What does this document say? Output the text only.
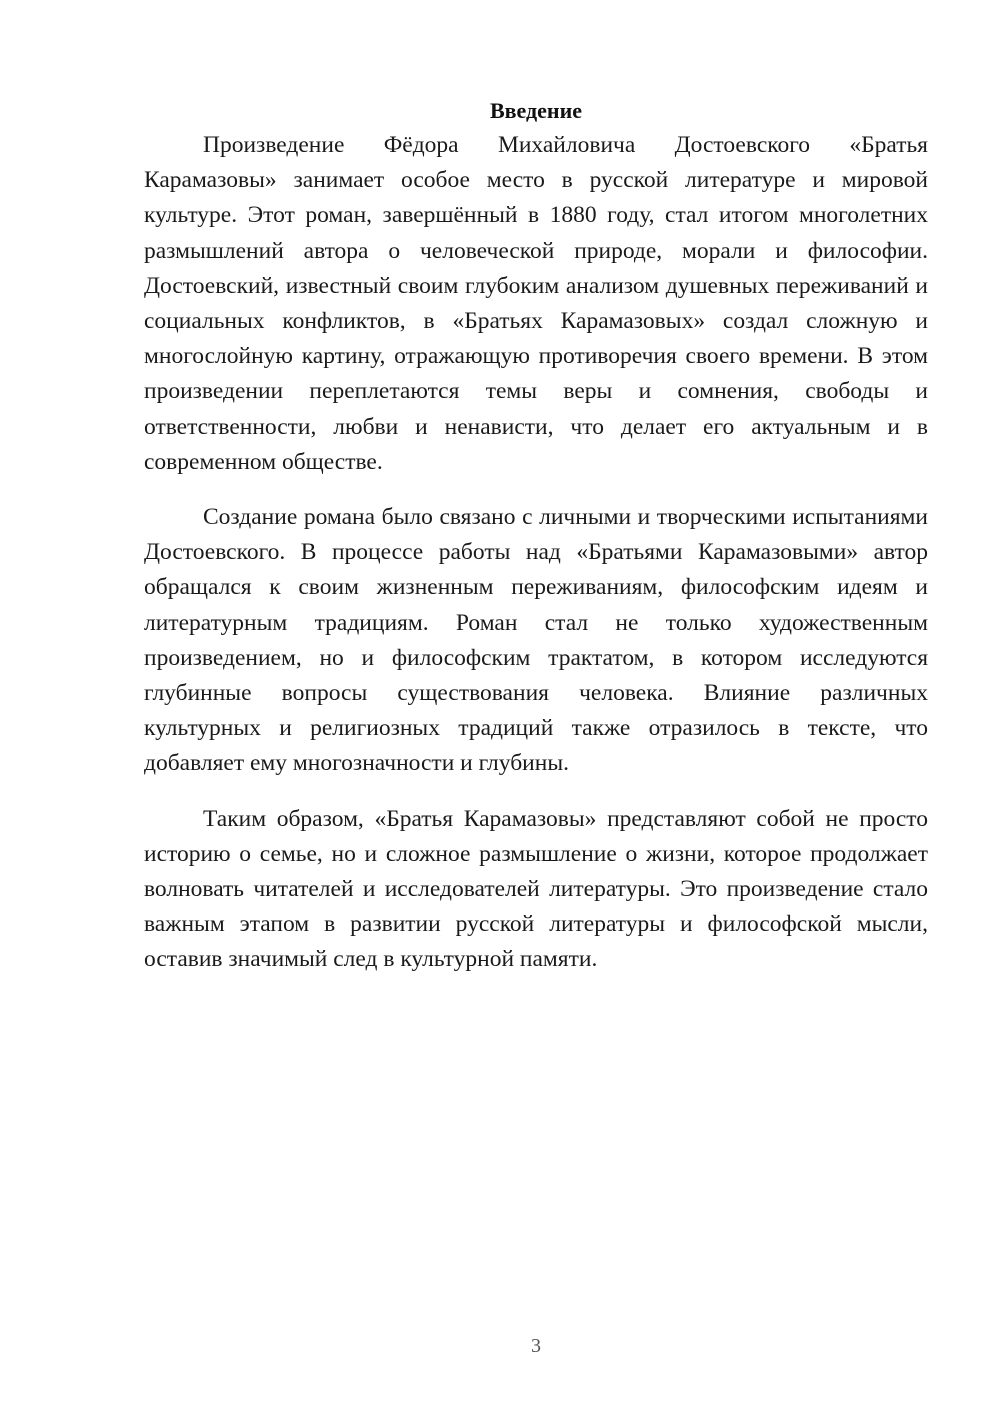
Введение

Произведение Фёдора Михайловича Достоевского «Братья Карамазовы» занимает особое место в русской литературе и мировой культуре. Этот роман, завершённый в 1880 году, стал итогом многолетних размышлений автора о человеческой природе, морали и философии. Достоевский, известный своим глубоким анализом душевных переживаний и социальных конфликтов, в «Братьях Карамазовых» создал сложную и многослойную картину, отражающую противоречия своего времени. В этом произведении переплетаются темы веры и сомнения, свободы и ответственности, любви и ненависти, что делает его актуальным и в современном обществе.

Создание романа было связано с личными и творческими испытаниями Достоевского. В процессе работы над «Братьями Карамазовыми» автор обращался к своим жизненным переживаниям, философским идеям и литературным традициям. Роман стал не только художественным произведением, но и философским трактатом, в котором исследуются глубинные вопросы существования человека. Влияние различных культурных и религиозных традиций также отразилось в тексте, что добавляет ему многозначности и глубины.

Таким образом, «Братья Карамазовы» представляют собой не просто историю о семье, но и сложное размышление о жизни, которое продолжает волновать читателей и исследователей литературы. Это произведение стало важным этапом в развитии русской литературы и философской мысли, оставив значимый след в культурной памяти.

3
